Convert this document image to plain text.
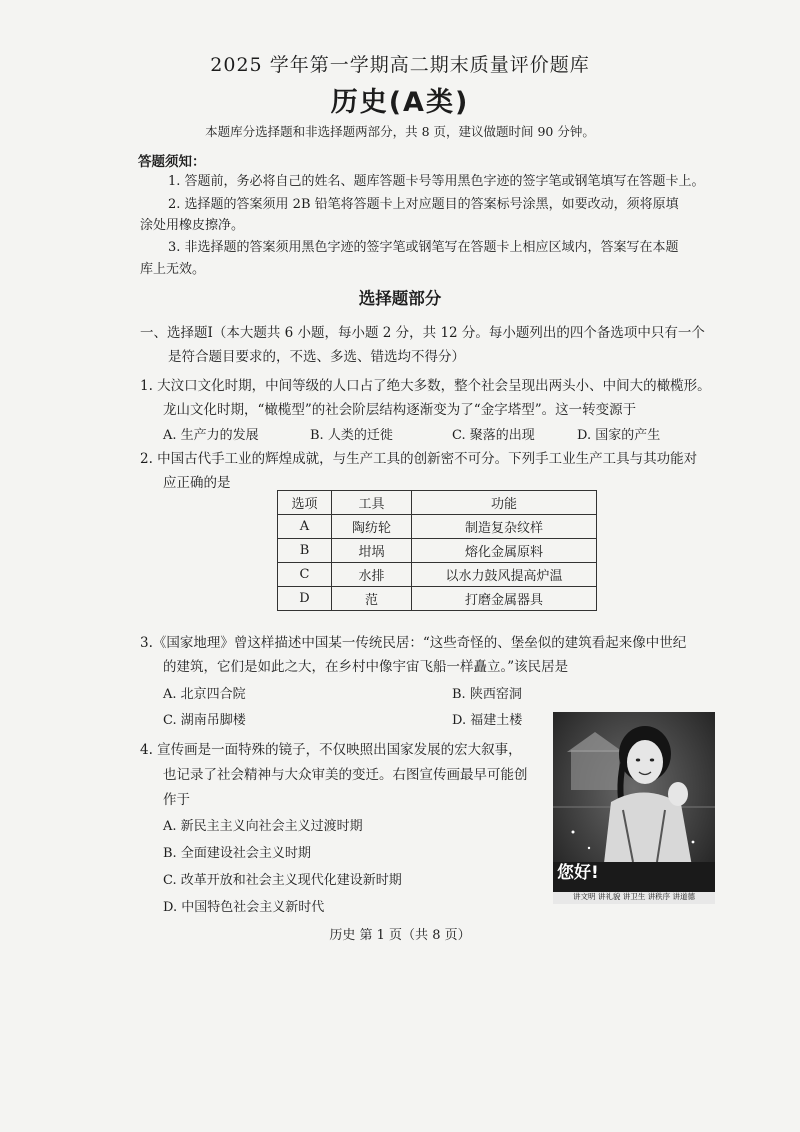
2025 学年第一学期高二期末质量评价题库
历史(A类)
本题库分选择题和非选择题两部分，共 8 页，建议做题时间 90 分钟。
答题须知：
1. 答题前，务必将自己的姓名、题库答题卡号等用黑色字迹的签字笔或钢笔填写在答题卡上。
2. 选择题的答案须用 2B 铅笔将答题卡上对应题目的答案标号涂黑，如要改动，须将原填
涂处用橡皮擦净。
3. 非选择题的答案须用黑色字迹的签字笔或钢笔写在答题卡上相应区域内，答案写在本题
库上无效。
选择题部分
一、选择题Ⅰ（本大题共 6 小题，每小题 2 分，共 12 分。每小题列出的四个备选项中只有一个
是符合题目要求的，不选、多选、错选均不得分）
1. 大汶口文化时期，中间等级的人口占了绝大多数，整个社会呈现出两头小、中间大的橄榄形。
龙山文化时期，“橄榄型”的社会阶层结构逐渐变为了“金字塔型”。这一转变源于
A. 生产力的发展	B. 人类的迁徙	C. 聚落的出现	D. 国家的产生
2. 中国古代手工业的辉煌成就，与生产工具的创新密不可分。下列手工业生产工具与其功能对
应正确的是
选项	工具	功能
A	陶纺轮	制造复杂纹样
B	坩埚	熔化金属原料
C	水排	以水力鼓风提高炉温
D	范	打磨金属器具
3.《国家地理》曾这样描述中国某一传统民居：“这些奇怪的、堡垒似的建筑看起来像中世纪
的建筑，它们是如此之大，在乡村中像宇宙飞船一样矗立。”该民居是
A. 北京四合院	B. 陕西窑洞
C. 湖南吊脚楼	D. 福建土楼
4. 宣传画是一面特殊的镜子，不仅映照出国家发展的宏大叙事，
也记录了社会精神与大众审美的变迁。右图宣传画最早可能创
作于
A. 新民主主义向社会主义过渡时期
B. 全面建设社会主义时期
C. 改革开放和社会主义现代化建设新时期
D. 中国特色社会主义新时代
您好!
讲文明 讲礼貌 讲卫生 讲秩序 讲道德
历史 第 1 页（共 8 页）
